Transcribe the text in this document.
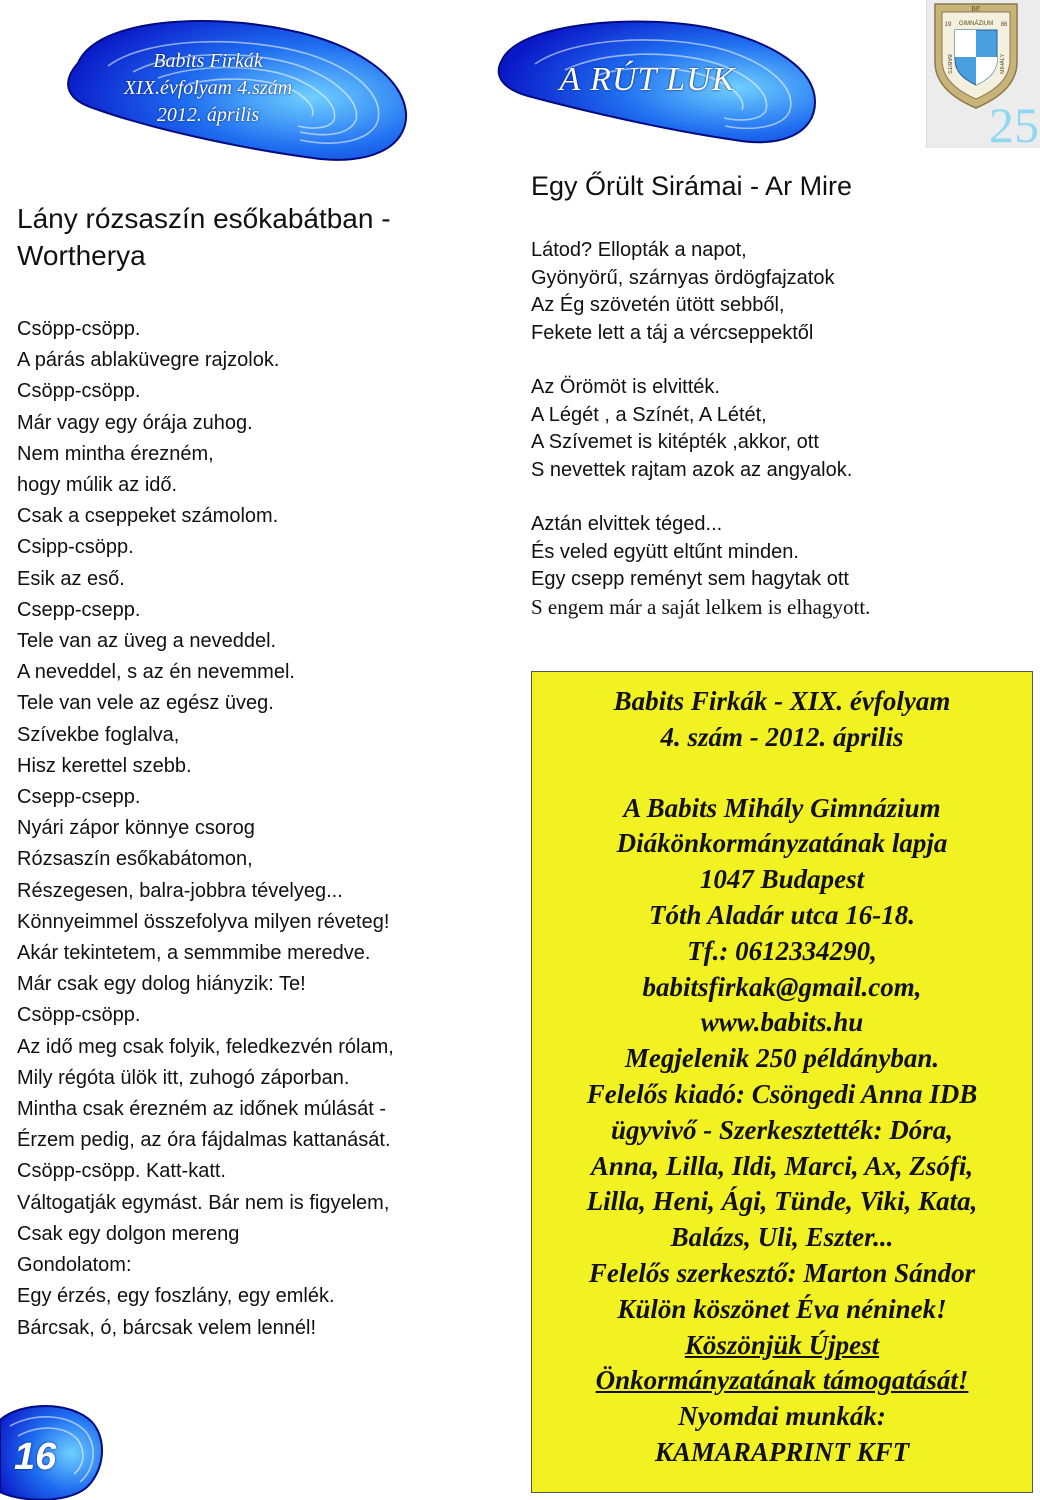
Babits Firkák
XIX.évfolyam 4.szám
2012. április
A RÚT LUK
BP.
GIMNÁZIUM
19	86
BABITS	MIHÁLY
25
Lány rózsaszín esőkabátban -
Wortherya
Csöpp-csöpp.
A párás ablaküvegre rajzolok.
Csöpp-csöpp.
Már vagy egy órája zuhog.
Nem mintha érezném,
hogy múlik az idő.
Csak a cseppeket számolom.
Csipp-csöpp.
Esik az eső.
Csepp-csepp.
Tele van az üveg a neveddel.
A neveddel, s az én nevemmel.
Tele van vele az egész üveg.
Szívekbe foglalva,
Hisz kerettel szebb.
Csepp-csepp.
Nyári zápor könnye csorog
Rózsaszín esőkabátomon,
Részegesen, balra-jobbra tévelyeg...
Könnyeimmel összefolyva milyen réveteg!
Akár tekintetem, a semmmibe meredve.
Már csak egy dolog hiányzik: Te!
Csöpp-csöpp.
Az idő meg csak folyik, feledkezvén rólam,
Mily régóta ülök itt, zuhogó záporban.
Mintha csak érezném az időnek múlását -
Érzem pedig, az óra fájdalmas kattanását.
Csöpp-csöpp. Katt-katt.
Váltogatják egymást. Bár nem is figyelem,
Csak egy dolgon mereng
Gondolatom:
Egy érzés, egy foszlány, egy emlék.
Bárcsak, ó, bárcsak velem lennél!
Egy Őrült Sirámai - Ar Mire
Látod? Ellopták a napot,
Gyönyörű, szárnyas ördögfajzatok
Az Ég szövetén ütött sebből,
Fekete lett a táj a vércseppektől
Az Örömöt is elvitték.
A Légét , a Színét, A Létét,
A Szívemet is kitépték ,akkor, ott
S nevettek rajtam azok az angyalok.
Aztán elvittek téged...
És veled együtt eltűnt minden.
Egy csepp reményt sem hagytak ott
S engem már a saját lelkem is elhagyott.
Babits Firkák - XIX. évfolyam
4. szám - 2012. április
A Babits Mihály Gimnázium
Diákönkormányzatának lapja
1047 Budapest
Tóth Aladár utca 16-18.
Tf.: 0612334290,
babitsfirkak@gmail.com,
www.babits.hu
Megjelenik 250 példányban.
Felelős kiadó: Csöngedi Anna IDB
ügyvivő - Szerkesztették: Dóra,
Anna, Lilla, Ildi, Marci, Ax, Zsófi,
Lilla, Heni, Ági, Tünde, Viki, Kata,
Balázs, Uli, Eszter...
Felelős szerkesztő: Marton Sándor
Külön köszönet Éva néninek!
Köszönjük Újpest
Önkormányzatának támogatását!
Nyomdai munkák:
KAMARAPRINT KFT
16
